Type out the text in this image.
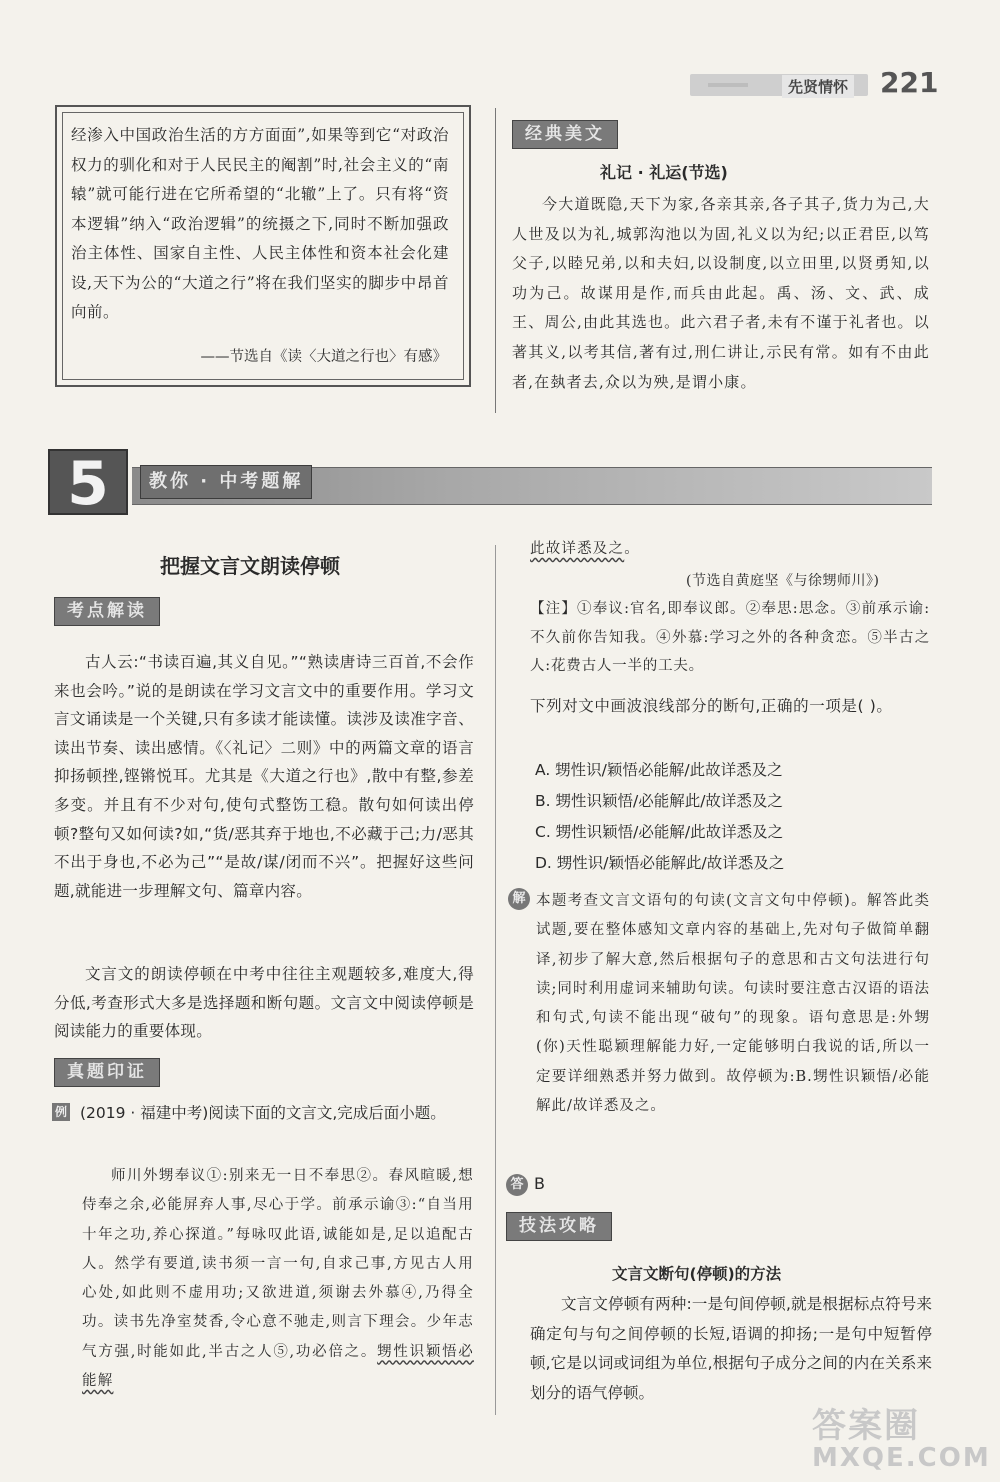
先贤情怀 221
经渗入中国政治生活的方方面面”,如果等到它“对政治权力的驯化和对于人民民主的阉割”时,社会主义的“南辕”就可能行进在它所希望的“北辙”上了。只有将“资本逻辑”纳入“政治逻辑”的统摄之下,同时不断加强政治主体性、国家自主性、人民主体性和资本社会化建设,天下为公的“大道之行”将在我们坚实的脚步中昂首向前。
——节选自《读〈大道之行也〉有感》
经典美文
礼记 · 礼运(节选)
今大道既隐,天下为家,各亲其亲,各子其子,货力为己,大人世及以为礼,城郭沟池以为固,礼义以为纪;以正君臣,以笃父子,以睦兄弟,以和夫妇,以设制度,以立田里,以贤勇知,以功为己。故谋用是作,而兵由此起。禹、汤、文、武、成王、周公,由此其选也。此六君子者,未有不谨于礼者也。以著其义,以考其信,著有过,刑仁讲让,示民有常。如有不由此者,在埶者去,众以为殃,是谓小康。
5	教你 · 中考题解
把握文言文朗读停顿
考点解读
古人云:“书读百遍,其义自见。”“熟读唐诗三百首,不会作来也会吟。”说的是朗读在学习文言文中的重要作用。学习文言文诵读是一个关键,只有多读才能读懂。读涉及读准字音、读出节奏、读出感情。《〈礼记〉二则》中的两篇文章的语言抑扬顿挫,铿锵悦耳。尤其是《大道之行也》,散中有整,参差多变。并且有不少对句,使句式整饬工稳。散句如何读出停顿?整句又如何读?如,“货/恶其弃于地也,不必藏于己;力/恶其不出于身也,不必为己”“是故/谋/闭而不兴”。把握好这些问题,就能进一步理解文句、篇章内容。
文言文的朗读停顿在中考中往往主观题较多,难度大,得分低,考查形式大多是选择题和断句题。文言文中阅读停顿是阅读能力的重要体现。
真题印证
例 (2019 · 福建中考)阅读下面的文言文,完成后面小题。
师川外甥奉议①:别来无一日不奉思②。春风暄暖,想侍奉之余,必能屏弃人事,尽心于学。前承示谕③:“自当用十年之功,养心探道。”每咏叹此语,诚能如是,足以追配古人。然学有要道,读书须一言一句,自求己事,方见古人用心处,如此则不虚用功;又欲进道,须谢去外慕④,乃得全功。读书先净室焚香,令心意不驰走,则言下理会。少年志气方强,时能如此,半古之人⑤,功必倍之。甥性识颖悟必能解
此故详悉及之。
(节选自黄庭坚《与徐甥师川》)
【注】①奉议:官名,即奉议郎。②奉思:思念。③前承示谕:不久前你告知我。④外慕:学习之外的各种贪恋。⑤半古之人:花费古人一半的工夫。
下列对文中画波浪线部分的断句,正确的一项是( )。
A. 甥性识/颖悟必能解/此故详悉及之
B. 甥性识颖悟/必能解此/故详悉及之
C. 甥性识颖悟/必能解/此故详悉及之
D. 甥性识/颖悟必能解此/故详悉及之
解 本题考查文言文语句的句读(文言文句中停顿)。解答此类试题,要在整体感知文章内容的基础上,先对句子做简单翻译,初步了解大意,然后根据句子的意思和古文句法进行句读;同时利用虚词来辅助句读。句读时要注意古汉语的语法和句式,句读不能出现“破句”的现象。语句意思是:外甥(你)天性聪颖理解能力好,一定能够明白我说的话,所以一定要详细熟悉并努力做到。故停顿为:B.甥性识颖悟/必能解此/故详悉及之。
答 B
技法攻略
文言文断句(停顿)的方法
文言文停顿有两种:一是句间停顿,就是根据标点符号来确定句与句之间停顿的长短,语调的抑扬;一是句中短暂停顿,它是以词或词组为单位,根据句子成分之间的内在关系来划分的语气停顿。
答案圈
MXQE.COM
